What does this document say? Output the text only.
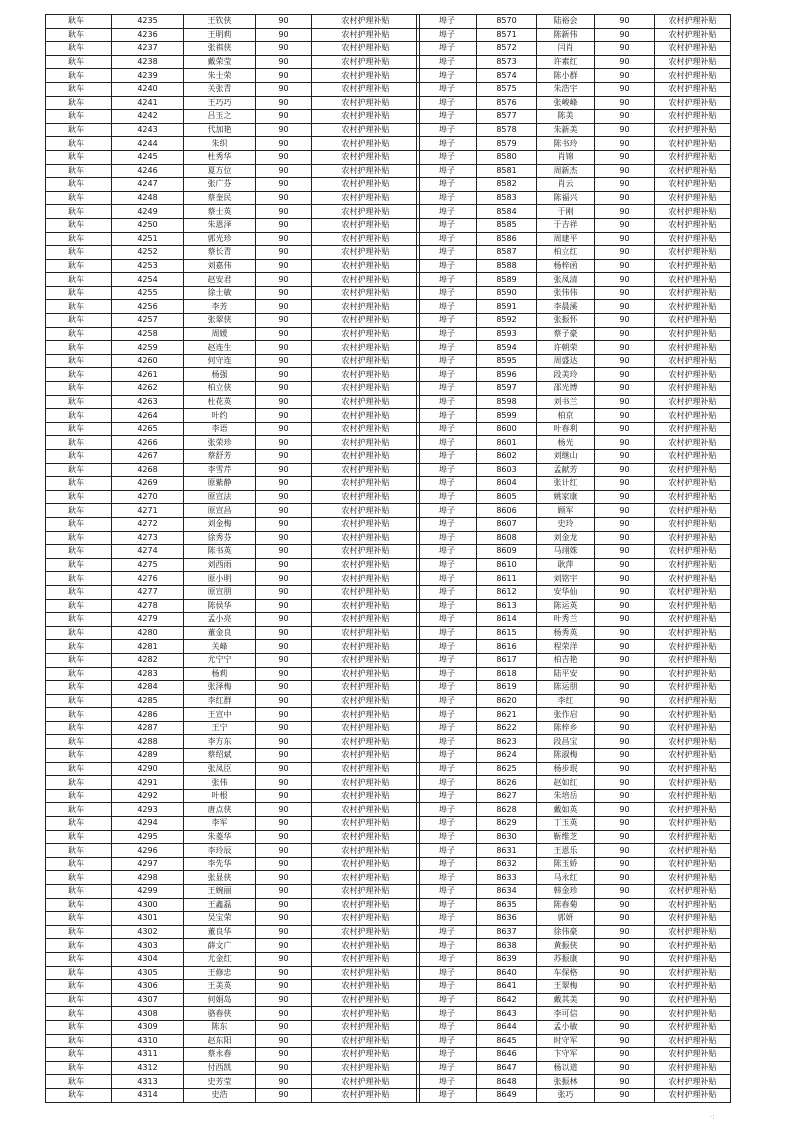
耿车	4235	王钦侠	90	农村护理补贴
耿车	4236	王明莉	90	农村护理补贴
耿车	4237	张祺侠	90	农村护理补贴
耿车	4238	戴荣莹	90	农村护理补贴
耿车	4239	朱士荣	90	农村护理补贴
耿车	4240	关张青	90	农村护理补贴
耿车	4241	王巧巧	90	农村护理补贴
耿车	4242	吕玉之	90	农村护理补贴
耿车	4243	代加艳	90	农村护理补贴
耿车	4244	朱织	90	农村护理补贴
耿车	4245	杜秀华	90	农村护理补贴
耿车	4246	夏方位	90	农村护理补贴
耿车	4247	张广芬	90	农村护理补贴
耿车	4248	蔡奎民	90	农村护理补贴
耿车	4249	蔡士英	90	农村护理补贴
耿车	4250	朱恩泽	90	农村护理补贴
耿车	4251	郭光珍	90	农村护理补贴
耿车	4252	蔡长青	90	农村护理补贴
耿车	4253	刘嘉伟	90	农村护理补贴
耿车	4254	赵安君	90	农村护理补贴
耿车	4255	徐士敏	90	农村护理补贴
耿车	4256	李芳	90	农村护理补贴
耿车	4257	张翠侠	90	农村护理补贴
耿车	4258	周媛	90	农村护理补贴
耿车	4259	赵连生	90	农村护理补贴
耿车	4260	何守连	90	农村护理补贴
耿车	4261	杨强	90	农村护理补贴
耿车	4262	柏立侠	90	农村护理补贴
耿车	4263	杜花英	90	农村护理补贴
耿车	4264	叶约	90	农村护理补贴
耿车	4265	李语	90	农村护理补贴
耿车	4266	张荣珍	90	农村护理补贴
耿车	4267	蔡舒芳	90	农村护理补贴
耿车	4268	李雪芹	90	农村护理补贴
耿车	4269	原紫静	90	农村护理补贴
耿车	4270	原宣法	90	农村护理补贴
耿车	4271	原宣昌	90	农村护理补贴
耿车	4272	刘金梅	90	农村护理补贴
耿车	4273	徐秀芬	90	农村护理补贴
耿车	4274	陈书英	90	农村护理补贴
耿车	4275	刘西雨	90	农村护理补贴
耿车	4276	原小明	90	农村护理补贴
耿车	4277	原宣朋	90	农村护理补贴
耿车	4278	陈侯华	90	农村护理补贴
耿车	4279	孟小亮	90	农村护理补贴
耿车	4280	董金良	90	农村护理补贴
耿车	4281	关峰	90	农村护理补贴
耿车	4282	尤宁宁	90	农村护理补贴
耿车	4283	杨莉	90	农村护理补贴
耿车	4284	张泽梅	90	农村护理补贴
耿车	4285	李红群	90	农村护理补贴
耿车	4286	王宣中	90	农村护理补贴
耿车	4287	王宁	90	农村护理补贴
耿车	4288	李方东	90	农村护理补贴
耿车	4289	蔡绍斌	90	农村护理补贴
耿车	4290	张凤臣	90	农村护理补贴
耿车	4291	张伟	90	农村护理补贴
耿车	4292	叶根	90	农村护理补贴
耿车	4293	唐点侠	90	农村护理补贴
耿车	4294	李军	90	农村护理补贴
耿车	4295	朱菱华	90	农村护理补贴
耿车	4296	李玲辰	90	农村护理补贴
耿车	4297	李先华	90	农村护理补贴
耿车	4298	张显侠	90	农村护理补贴
耿车	4299	王婉丽	90	农村护理补贴
耿车	4300	王鑫磊	90	农村护理补贴
耿车	4301	吴宝荣	90	农村护理补贴
耿车	4302	董良华	90	农村护理补贴
耿车	4303	薛文广	90	农村护理补贴
耿车	4304	尤金红	90	农村护理补贴
耿车	4305	王修忠	90	农村护理补贴
耿车	4306	王美英	90	农村护理补贴
耿车	4307	何娟岛	90	农村护理补贴
耿车	4308	骆春侠	90	农村护理补贴
耿车	4309	陈东	90	农村护理补贴
耿车	4310	赵东阳	90	农村护理补贴
耿车	4311	蔡永春	90	农村护理补贴
耿车	4312	付西凯	90	农村护理补贴
耿车	4313	史芳莹	90	农村护理补贴
耿车	4314	史浩	90	农村护理补贴
埠子	8570	陆裕会	90	农村护理补贴
埠子	8571	陈新伟	90	农村护理补贴
埠子	8572	闫肖	90	农村护理补贴
埠子	8573	许素红	90	农村护理补贴
埠子	8574	陈小群	90	农村护理补贴
埠子	8575	朱浩宇	90	农村护理补贴
埠子	8576	张峻峰	90	农村护理补贴
埠子	8577	陈美	90	农村护理补贴
埠子	8578	朱新美	90	农村护理补贴
埠子	8579	陈书玲	90	农村护理补贴
埠子	8580	肖锦	90	农村护理补贴
埠子	8581	周新杰	90	农村护理补贴
埠子	8582	肖云	90	农村护理补贴
埠子	8583	陈福兴	90	农村护理补贴
埠子	8584	于刚	90	农村护理补贴
埠子	8585	于吉祥	90	农村护理补贴
埠子	8586	周建平	90	农村护理补贴
埠子	8587	柏立红	90	农村护理补贴
埠子	8588	杨梓函	90	农村护理补贴
埠子	8589	张凤清	90	农村护理补贴
埠子	8590	张伟伟	90	农村护理补贴
埠子	8591	李晨溪	90	农村护理补贴
埠子	8592	张振怀	90	农村护理补贴
埠子	8593	蔡子豪	90	农村护理补贴
埠子	8594	许朝荣	90	农村护理补贴
埠子	8595	周盛达	90	农村护理补贴
埠子	8596	段美玲	90	农村护理补贴
埠子	8597	邵光博	90	农村护理补贴
埠子	8598	刘书兰	90	农村护理补贴
埠子	8599	柏京	90	农村护理补贴
埠子	8600	叶春利	90	农村护理补贴
埠子	8601	杨光	90	农村护理补贴
埠子	8602	刘继山	90	农村护理补贴
埠子	8603	孟献芳	90	农村护理补贴
埠子	8604	张计红	90	农村护理补贴
埠子	8605	姚家康	90	农村护理补贴
埠子	8606	顾军	90	农村护理补贴
埠子	8607	史玲	90	农村护理补贴
埠子	8608	刘金龙	90	农村护理补贴
埠子	8609	马翊姝	90	农村护理补贴
埠子	8610	耿萍	90	农村护理补贴
埠子	8611	刘铭宇	90	农村护理补贴
埠子	8612	安华仙	90	农村护理补贴
埠子	8613	陈运英	90	农村护理补贴
埠子	8614	叶秀兰	90	农村护理补贴
埠子	8615	杨秀英	90	农村护理补贴
埠子	8616	程荣洋	90	农村护理补贴
埠子	8617	柏吉艳	90	农村护理补贴
埠子	8618	陆平安	90	农村护理补贴
埠子	8619	陈运朋	90	农村护理补贴
埠子	8620	李红	90	农村护理补贴
埠子	8621	张作启	90	农村护理补贴
埠子	8622	陈梓乡	90	农村护理补贴
埠子	8623	段昌宝	90	农村护理补贴
埠子	8624	陈淑梅	90	农村护理补贴
埠子	8625	杨步珉	90	农村护理补贴
埠子	8626	赵如红	90	农村护理补贴
埠子	8627	朱培岳	90	农村护理补贴
埠子	8628	戴如英	90	农村护理补贴
埠子	8629	丁玉英	90	农村护理补贴
埠子	8630	靳维芝	90	农村护理补贴
埠子	8631	王恩乐	90	农村护理补贴
埠子	8632	陈玉娇	90	农村护理补贴
埠子	8633	马永红	90	农村护理补贴
埠子	8634	韩金珍	90	农村护理补贴
埠子	8635	陈春菊	90	农村护理补贴
埠子	8636	郭妍	90	农村护理补贴
埠子	8637	徐伟豪	90	农村护理补贴
埠子	8638	黄振侠	90	农村护理补贴
埠子	8639	苏振康	90	农村护理补贴
埠子	8640	车保格	90	农村护理补贴
埠子	8641	王翠梅	90	农村护理补贴
埠子	8642	戴其美	90	农村护理补贴
埠子	8643	李可信	90	农村护理补贴
埠子	8644	孟小敏	90	农村护理补贴
埠子	8645	时守军	90	农村护理补贴
埠子	8646	卞守军	90	农村护理补贴
埠子	8647	杨以道	90	农村护理补贴
埠子	8648	张振林	90	农村护理补贴
埠子	8649	张巧	90	农村护理补贴
·:
